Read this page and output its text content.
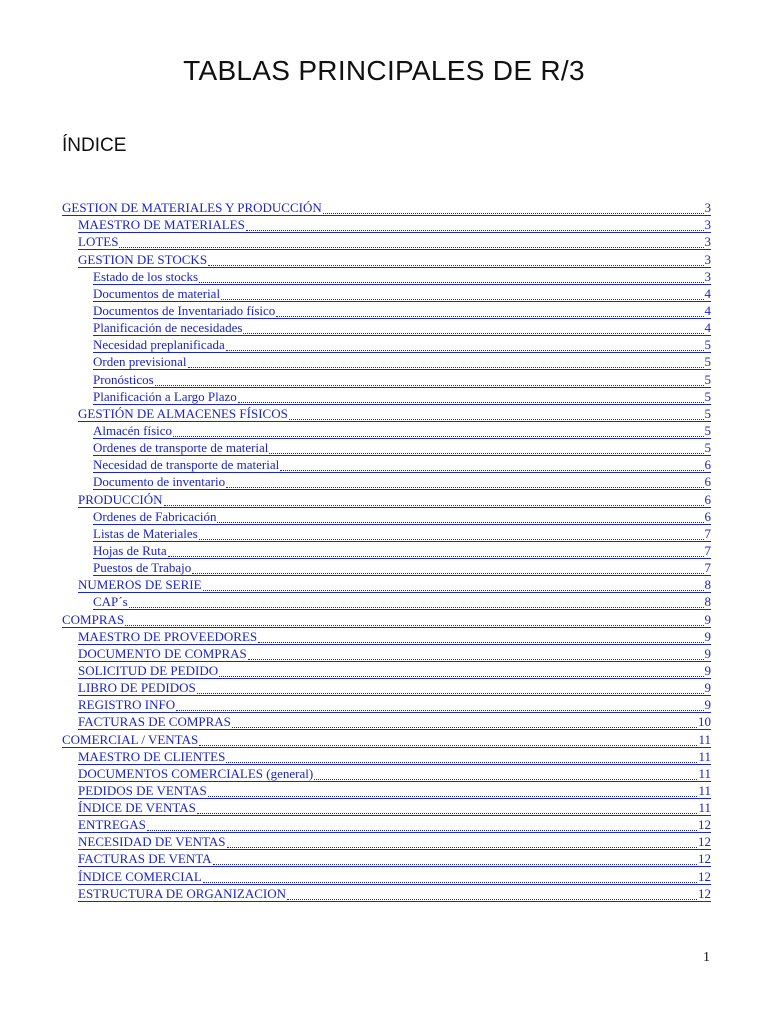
TABLAS PRINCIPALES DE R/3
ÍNDICE
GESTION DE MATERIALES Y PRODUCCIÓN	3
MAESTRO DE MATERIALES	3
LOTES	3
GESTION DE STOCKS	3
Estado de los stocks	3
Documentos de material	4
Documentos de Inventariado físico	4
Planificación de necesidades	4
Necesidad preplanificada	5
Orden previsional	5
Pronósticos	5
Planificación a Largo Plazo	5
GESTIÓN DE ALMACENES FÍSICOS	5
Almacén físico	5
Ordenes de transporte de material	5
Necesidad de transporte de material	6
Documento de inventario	6
PRODUCCIÓN	6
Ordenes de Fabricación	6
Listas de Materiales	7
Hojas de Ruta	7
Puestos de Trabajo	7
NUMEROS DE SERIE	8
CAP´s	8
COMPRAS	9
MAESTRO DE PROVEEDORES	9
DOCUMENTO DE COMPRAS	9
SOLICITUD DE PEDIDO	9
LIBRO DE PEDIDOS	9
REGISTRO INFO	9
FACTURAS DE COMPRAS	10
COMERCIAL / VENTAS	11
MAESTRO DE CLIENTES	11
DOCUMENTOS COMERCIALES (general)	11
PEDIDOS DE VENTAS	11
ÍNDICE DE VENTAS	11
ENTREGAS	12
NECESIDAD DE VENTAS	12
FACTURAS DE VENTA	12
ÍNDICE COMERCIAL	12
ESTRUCTURA DE ORGANIZACION	12
1
